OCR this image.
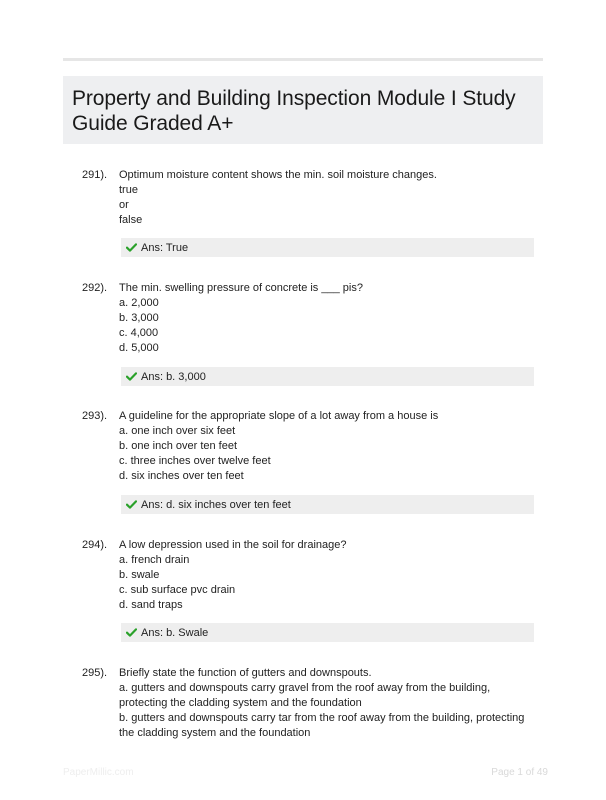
Property and Building Inspection Module I Study Guide Graded A+
291). Optimum moisture content shows the min. soil moisture changes.
true
or
false
Ans: True
292). The min. swelling pressure of concrete is ___ pis?
a. 2,000
b. 3,000
c. 4,000
d. 5,000
Ans: b. 3,000
293). A guideline for the appropriate slope of a lot away from a house is
a. one inch over six feet
b. one inch over ten feet
c. three inches over twelve feet
d. six inches over ten feet
Ans: d. six inches over ten feet
294). A low depression used in the soil for drainage?
a. french drain
b. swale
c. sub surface pvc drain
d. sand traps
Ans: b. Swale
295). Briefly state the function of gutters and downspouts.
a. gutters and downspouts carry gravel from the roof away from the building, protecting the cladding system and the foundation
b. gutters and downspouts carry tar from the roof away from the building, protecting the cladding system and the foundation
PaperMillic.com	Page 1 of 49
